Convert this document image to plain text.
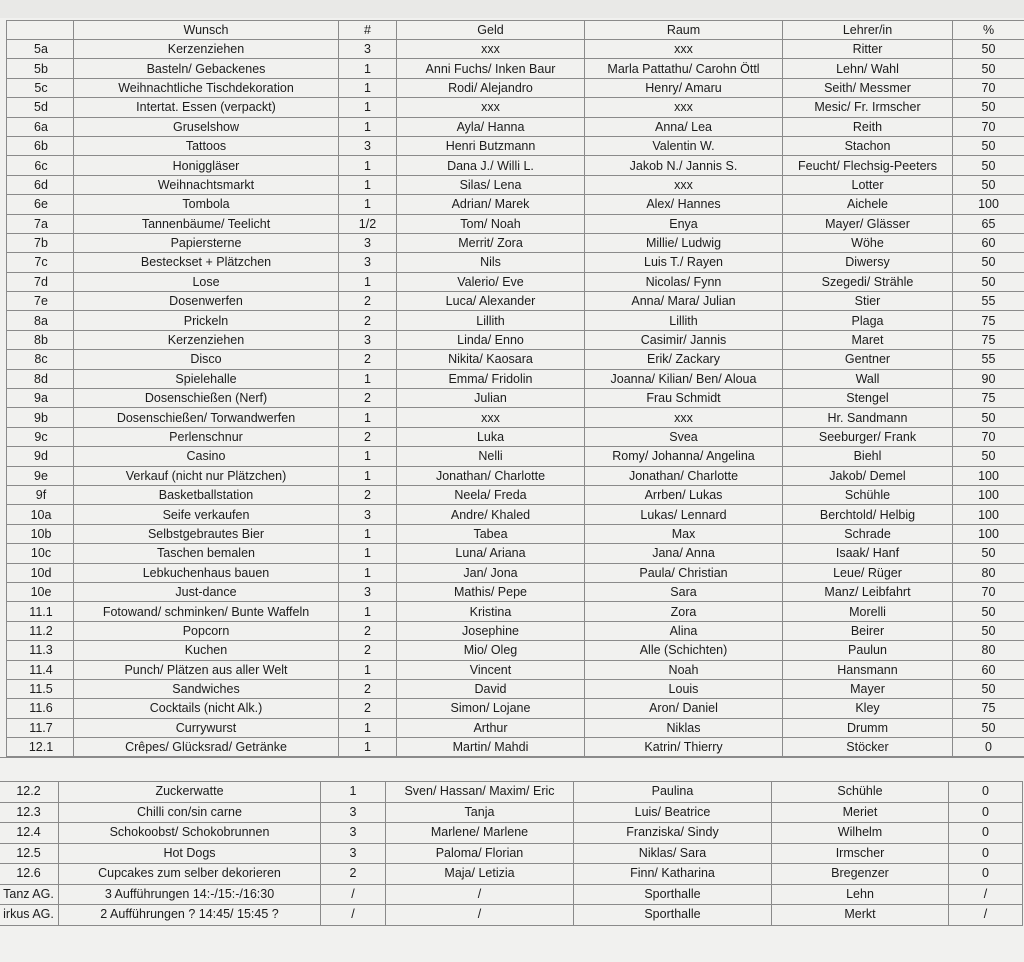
	Wunsch	#	Geld	Raum	Lehrer/in	%
5a	Kerzenziehen	3	xxx	xxx	Ritter	50
5b	Basteln/ Gebackenes	1	Anni Fuchs/ Inken Baur	Marla Pattathu/ Carohn Öttl	Lehn/ Wahl	50
5c	Weihnachtliche Tischdekoration	1	Rodi/ Alejandro	Henry/ Amaru	Seith/ Messmer	70
5d	Intertat. Essen (verpackt)	1	xxx	xxx	Mesic/ Fr. Irmscher	50
6a	Gruselshow	1	Ayla/ Hanna	Anna/ Lea	Reith	70
6b	Tattoos	3	Henri Butzmann	Valentin W.	Stachon	50
6c	Honiggläser	1	Dana J./ Willi L.	Jakob N./ Jannis S.	Feucht/ Flechsig-Peeters	50
6d	Weihnachtsmarkt	1	Silas/ Lena	xxx	Lotter	50
6e	Tombola	1	Adrian/ Marek	Alex/ Hannes	Aichele	100
7a	Tannenbäume/ Teelicht	1/2	Tom/ Noah	Enya	Mayer/ Glässer	65
7b	Papiersterne	3	Merrit/ Zora	Millie/ Ludwig	Wöhe	60
7c	Besteckset + Plätzchen	3	Nils	Luis T./ Rayen	Diwersy	50
7d	Lose	1	Valerio/ Eve	Nicolas/ Fynn	Szegedi/ Strähle	50
7e	Dosenwerfen	2	Luca/ Alexander	Anna/ Mara/ Julian	Stier	55
8a	Prickeln	2	Lillith	Lillith	Plaga	75
8b	Kerzenziehen	3	Linda/ Enno	Casimir/ Jannis	Maret	75
8c	Disco	2	Nikita/ Kaosara	Erik/ Zackary	Gentner	55
8d	Spielehalle	1	Emma/ Fridolin	Joanna/ Kilian/ Ben/ Aloua	Wall	90
9a	Dosenschießen (Nerf)	2	Julian	Frau Schmidt	Stengel	75
9b	Dosenschießen/ Torwandwerfen	1	xxx	xxx	Hr. Sandmann	50
9c	Perlenschnur	2	Luka	Svea	Seeburger/ Frank	70
9d	Casino	1	Nelli	Romy/ Johanna/ Angelina	Biehl	50
9e	Verkauf (nicht nur Plätzchen)	1	Jonathan/ Charlotte	Jonathan/ Charlotte	Jakob/ Demel	100
9f	Basketballstation	2	Neela/ Freda	Arrben/ Lukas	Schühle	100
10a	Seife verkaufen	3	Andre/ Khaled	Lukas/ Lennard	Berchtold/ Helbig	100
10b	Selbstgebrautes Bier	1	Tabea	Max	Schrade	100
10c	Taschen bemalen	1	Luna/ Ariana	Jana/ Anna	Isaak/ Hanf	50
10d	Lebkuchenhaus bauen	1	Jan/ Jona	Paula/ Christian	Leue/ Rüger	80
10e	Just-dance	3	Mathis/ Pepe	Sara	Manz/ Leibfahrt	70
11.1	Fotowand/ schminken/ Bunte Waffeln	1	Kristina	Zora	Morelli	50
11.2	Popcorn	2	Josephine	Alina	Beirer	50
11.3	Kuchen	2	Mio/ Oleg	Alle (Schichten)	Paulun	80
11.4	Punch/ Plätzen aus aller Welt	1	Vincent	Noah	Hansmann	60
11.5	Sandwiches	2	David	Louis	Mayer	50
11.6	Cocktails (nicht Alk.)	2	Simon/ Lojane	Aron/ Daniel	Kley	75
11.7	Currywurst	1	Arthur	Niklas	Drumm	50
12.1	Crêpes/ Glücksrad/ Getränke	1	Martin/ Mahdi	Katrin/ Thierry	Stöcker	0
12.2	Zuckerwatte	1	Sven/ Hassan/ Maxim/ Eric	Paulina	Schühle	0
12.3	Chilli con/sin carne	3	Tanja	Luis/ Beatrice	Meriet	0
12.4	Schokoobst/ Schokobrunnen	3	Marlene/ Marlene	Franziska/ Sindy	Wilhelm	0
12.5	Hot Dogs	3	Paloma/ Florian	Niklas/ Sara	Irmscher	0
12.6	Cupcakes zum selber dekorieren	2	Maja/ Letizia	Finn/ Katharina	Bregenzer	0
Tanz AG.	3 Aufführungen 14:-/15:-/16:30	/	/	Sporthalle	Lehn	/
irkus AG.	2 Aufführungen ? 14:45/ 15:45 ?	/	/	Sporthalle	Merkt	/
